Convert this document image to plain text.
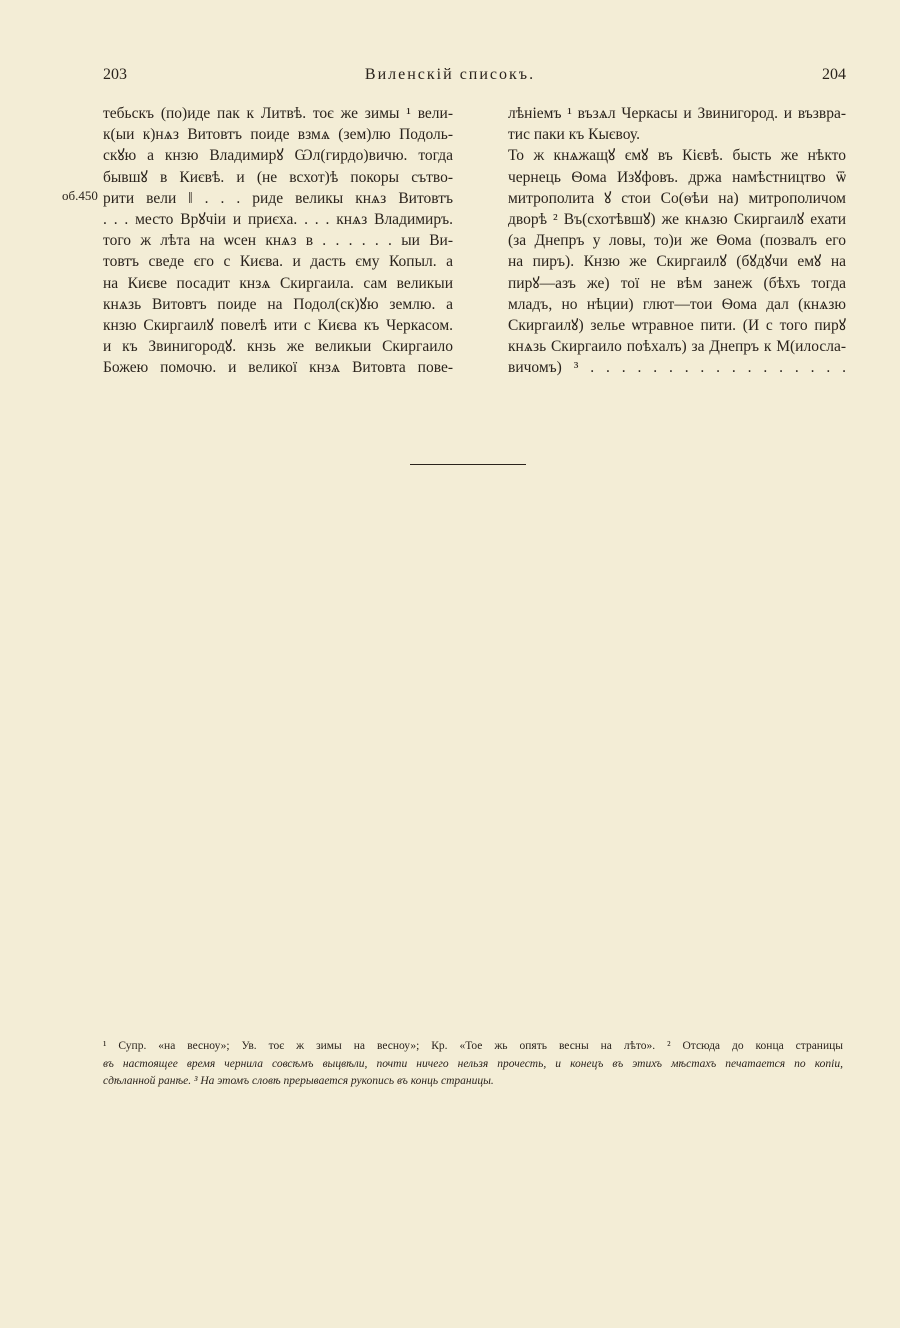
203	Виленскій списокъ.	204
об.450
тебьскъ (по)иде пак к Литвѣ. тоє же зимы ¹ вели-
к(ыи к)нѧз Витовтъ поиде взмѧ (зем)лю Подоль-
скꙋю а кнзю Владимирꙋ Ѡл(гирдо)вичю. тогда
бывшꙋ в Києвѣ. и (не всхот)ѣ покоры сътво-
рити вели ‖ . . . риде великы кнѧз Витовтъ
. . . место Врꙋчіи и приєха. . . . кнѧз Владимиръ.
того ж лѣта на ѡсен кнѧз в . . . . . . ыи Ви-
товтъ сведе єго с Києва. и дасть єму Копыл. а
на Києве посадит кнзѧ Скиргаила. сам великыи
кнѧзь Витовтъ поиде на Подол(ск)ꙋю землю. а
кнзю Скиргаилꙋ повелѣ ити с Києва къ Черкасом.
и къ Звинигородꙋ. кнзь же великыи Скиргаило
Божею помочю. и великої кнзѧ Витовта пове-
лѣніемъ ¹ възѧл Черкасы и Звинигород. и възвра-
тис паки къ Кыєвоу.
То ж кнѧжащꙋ ємꙋ въ Кієвѣ. бысть же нѣкто
чернець Ѳома Изꙋфовъ. држа намѣстництво ѿ
митрополита ꙋ стои Со(ѳѣи на) митрополичом
дворѣ ² Въ(схотѣвшꙋ) же кнѧзю Скиргаилꙋ ехати
(за Днепръ у ловы, то)и же Ѳома (позвалъ его
на пиръ). Кнзю же Скиргаилꙋ (бꙋдꙋчи емꙋ на
пирꙋ—азъ же) тої не вѣм занеж (бѣхъ тогда
младъ, но нѣции) глют—тои Ѳома дал (кнѧзю
Скиргаилꙋ) зелье ѡтравное пити. (И с того пирꙋ
кнѧзь Скиргаило поѣхалъ) за Днепръ к М(илосла-
вичомъ) ³ . . . . . . . . . . . . . . . . .
¹ Супр. «на весноу»; Ув. тоє ж зимы на весноу»; Кр. «Тое жь опять весны на лѣто». ² Отсюда до конца страницы
въ настоящее время чернила совсѣмъ выцвѣли, почти ничего нельзя прочесть, и конецъ въ этихъ мѣстахъ печатается по копіи,
сдѣланной ранѣе. ³ На этомъ словѣ прерывается рукопись въ конць страницы.
